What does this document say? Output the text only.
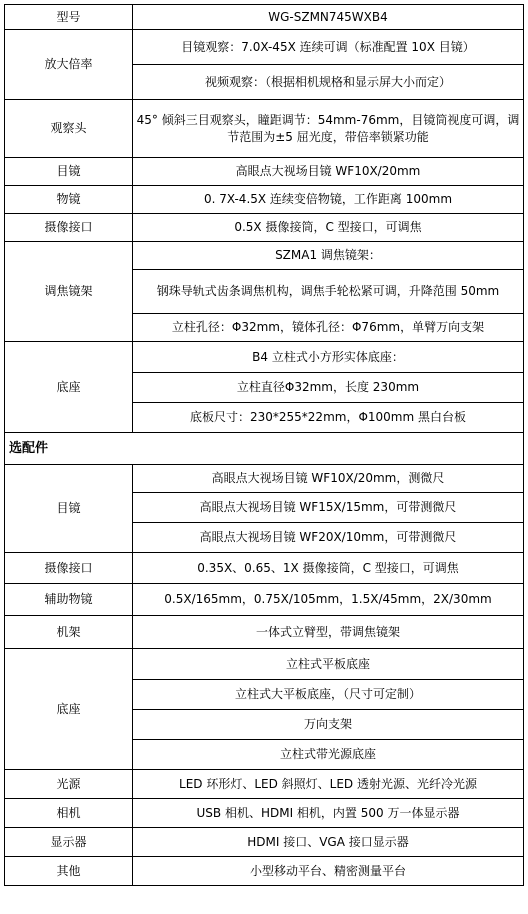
型号	WG-SZMN745WXB4
放大倍率	目镜观察：7.0X-45X 连续可调（标准配置 10X 目镜）
	视频观察：（根据相机规格和显示屏大小而定）
观察头	45° 倾斜三目观察头，瞳距调节：54mm-76mm，目镜筒视度可调，调节范围为±5 屈光度，带倍率锁紧功能
目镜	高眼点大视场目镜 WF10X/20mm
物镜	0. 7X-4.5X 连续变倍物镜，工作距离 100mm
摄像接口	0.5X 摄像接筒，C 型接口，可调焦
调焦镜架	SZMA1 调焦镜架：
	钢珠导轨式齿条调焦机构，调焦手轮松紧可调，升降范围 50mm
	立柱孔径：Φ32mm，镜体孔径：Φ76mm，单臂万向支架
底座	B4 立柱式小方形实体底座：
	立柱直径Φ32mm，长度 230mm
	底板尺寸：230*255*22mm，Φ100mm 黑白台板
选配件	
目镜	高眼点大视场目镜 WF10X/20mm，测微尺
	高眼点大视场目镜 WF15X/15mm，可带测微尺
	高眼点大视场目镜 WF20X/10mm，可带测微尺
摄像接口	0.35X、0.65、1X 摄像接筒，C 型接口，可调焦
辅助物镜	0.5X/165mm，0.75X/105mm，1.5X/45mm，2X/30mm
机架	一体式立臂型，带调焦镜架
底座	立柱式平板底座
	立柱式大平板底座，（尺寸可定制）
	万向支架
	立柱式带光源底座
光源	LED 环形灯、LED 斜照灯、LED 透射光源、光纤冷光源
相机	USB 相机、HDMI 相机，内置 500 万一体显示器
显示器	HDMI 接口、VGA 接口显示器
其他	小型移动平台、精密测量平台
